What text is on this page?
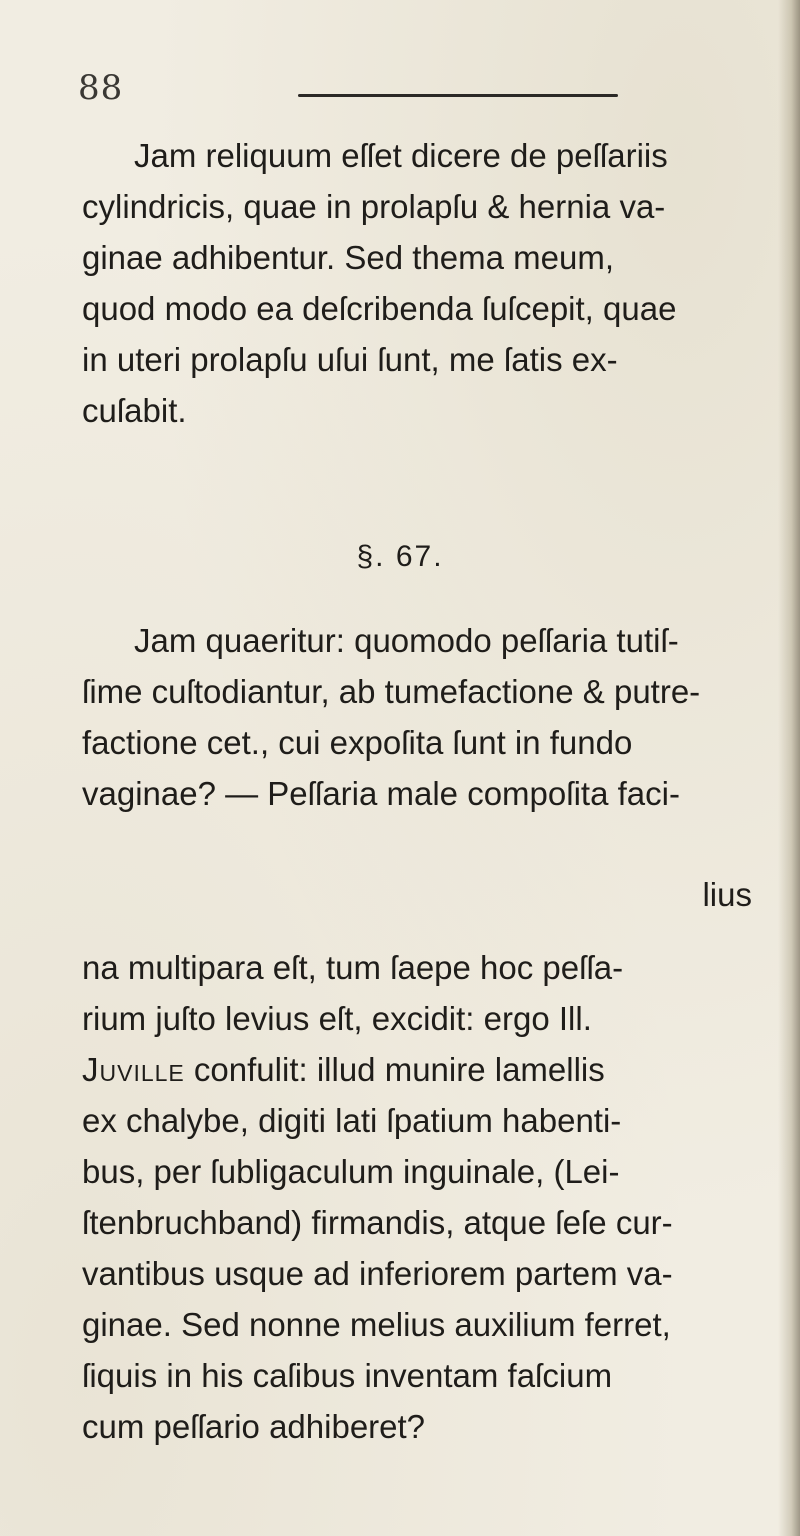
88
Jam reliquum eſſet dicere de peſſariis
cylindricis, quae in prolapſu & hernia va-
ginae adhibentur. Sed thema meum,
quod modo ea deſcribenda ſuſcepit, quae
in uteri prolapſu uſui ſunt, me ſatis ex-
cuſabit.
§. 67.
Jam quaeritur: quomodo peſſaria tutiſ-
ſime cuſtodiantur, ab tumefactione & putre-
factione cet., cui expoſita ſunt in fundo
vaginae? — Peſſaria male compoſita faci-
lius
na multipara eſt, tum ſaepe hoc peſſa-
rium juſto levius eſt, excidit: ergo Ill.
Juville confulit: illud munire lamellis
ex chalybe, digiti lati ſpatium habenti-
bus, per ſubligaculum inguinale, (Lei-
ſtenbruchband) firmandis, atque ſeſe cur-
vantibus usque ad inferiorem partem va-
ginae. Sed nonne melius auxilium ferret,
ſiquis in his caſibus inventam faſcium
cum peſſario adhiberet?
